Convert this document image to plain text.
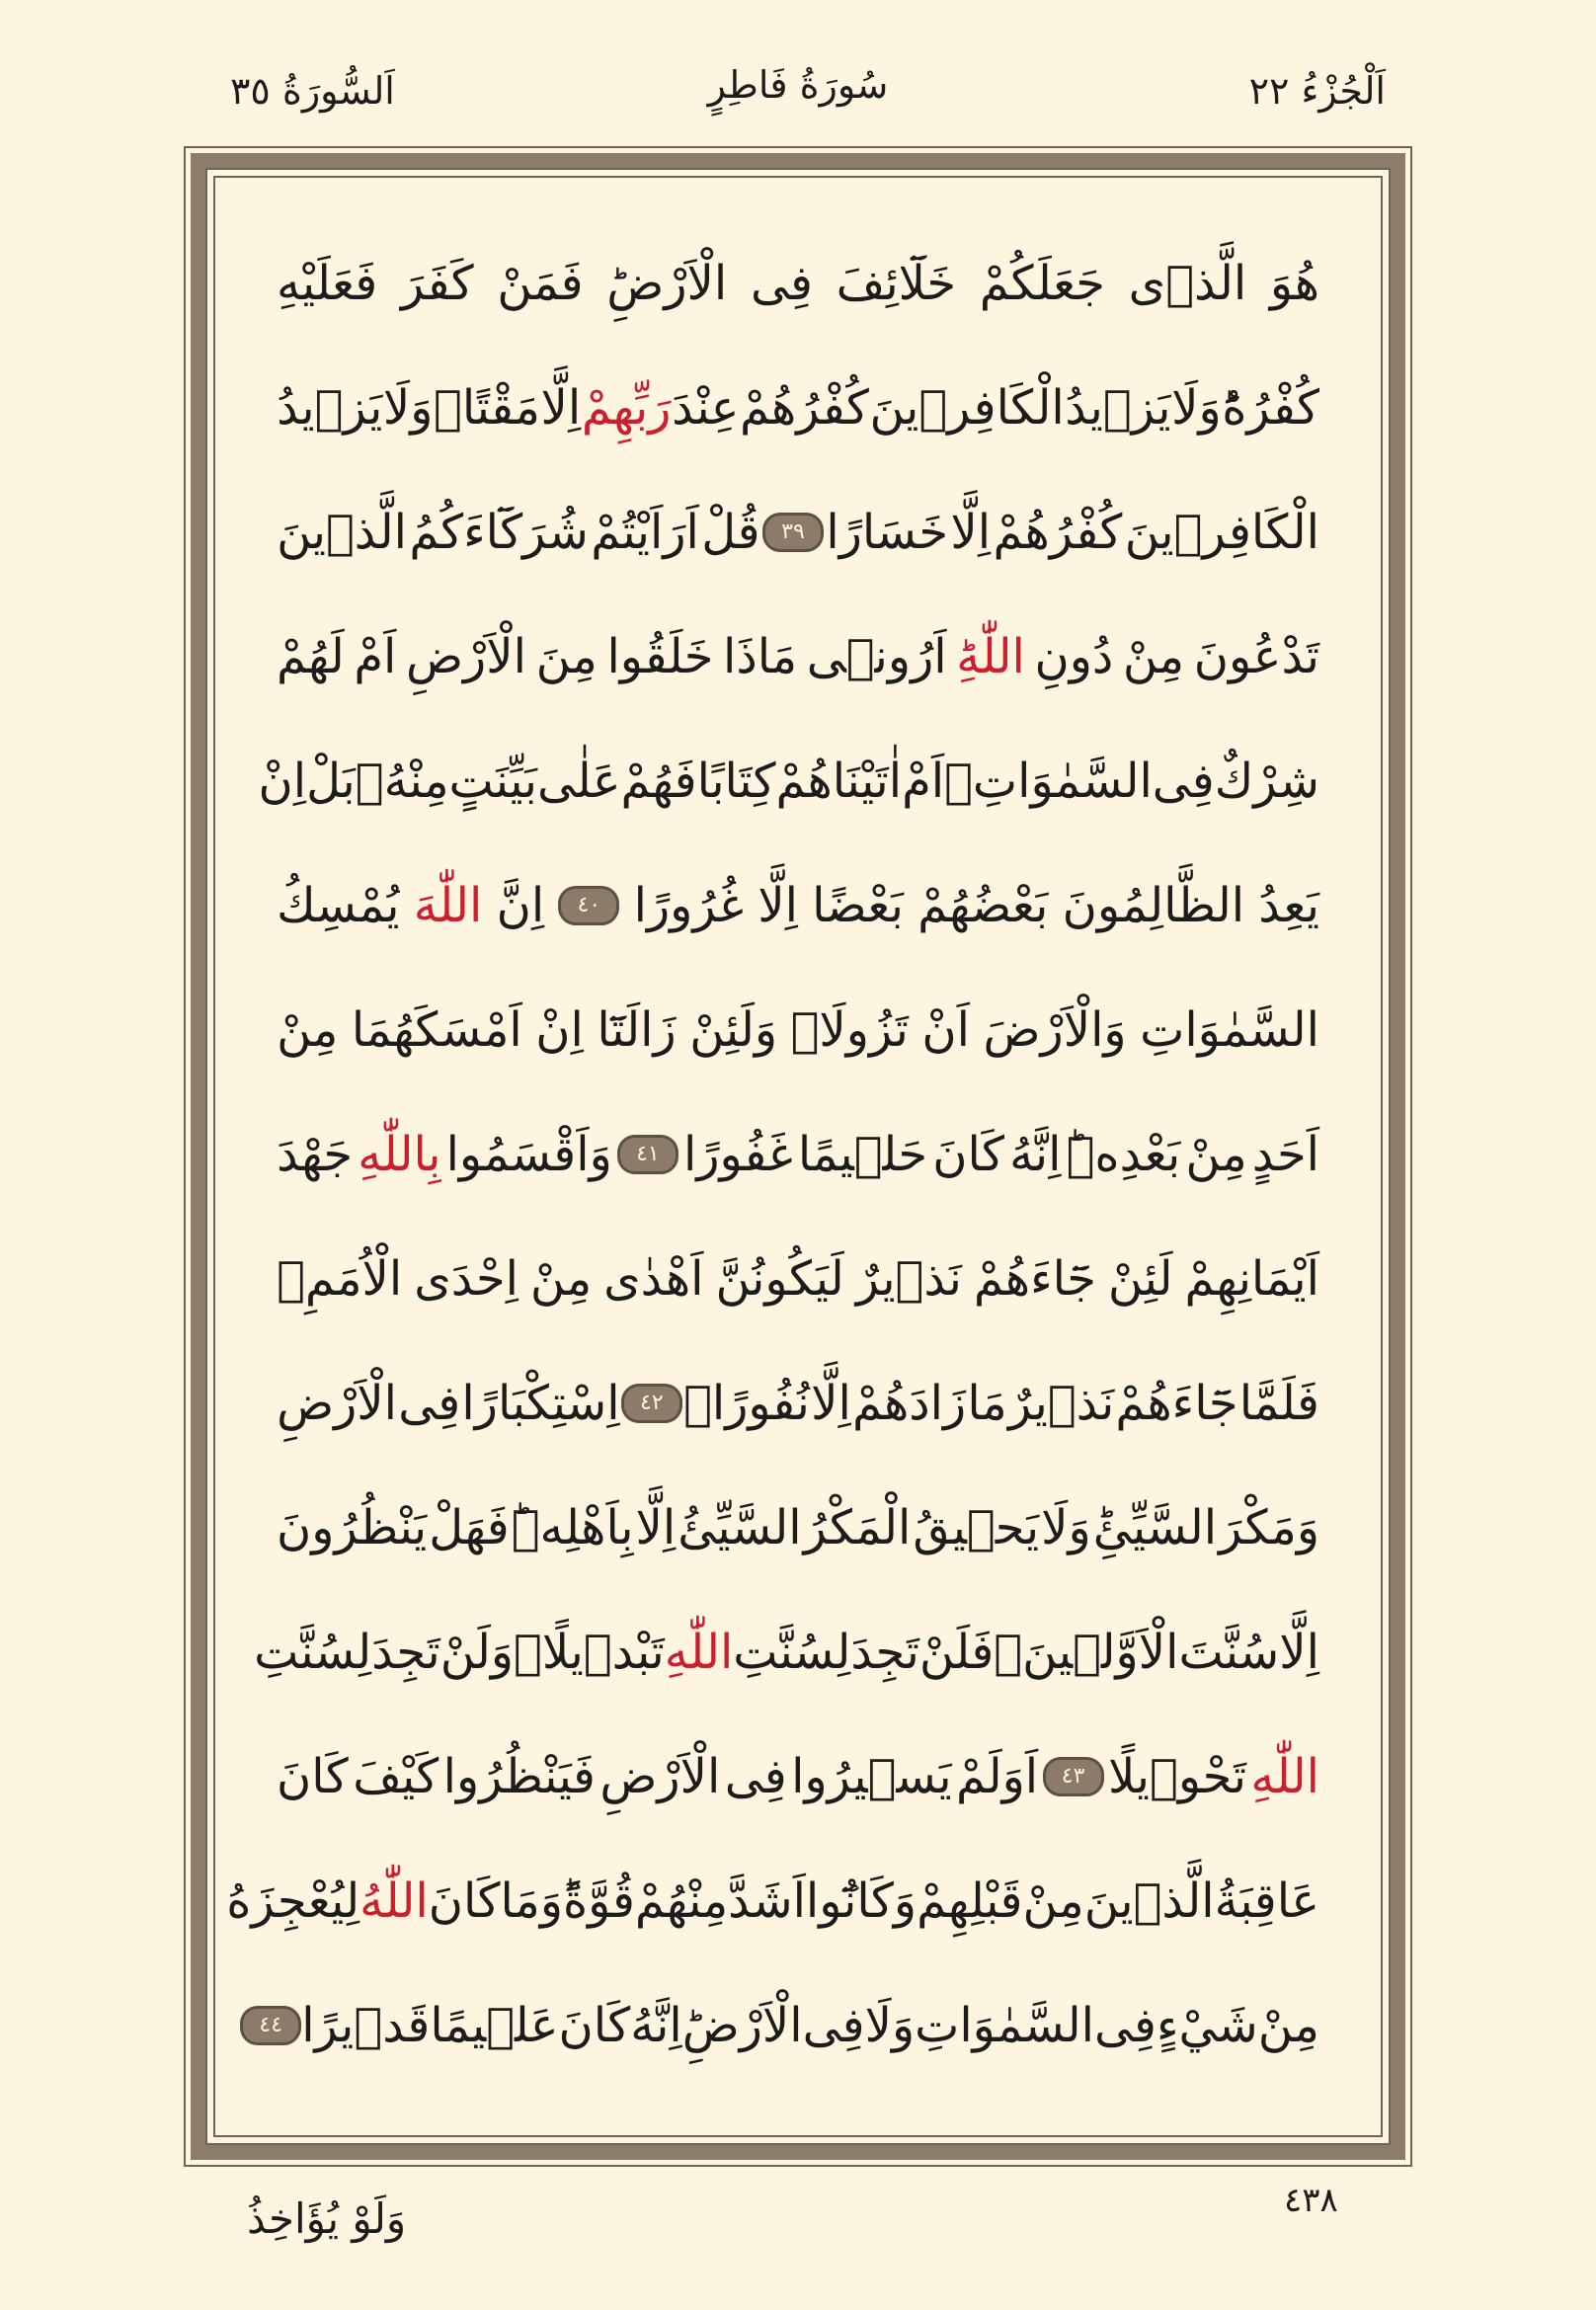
اَلْجُزْءُ ٢٢
سُورَةُ فَاطِرٍ
اَلسُّورَةُ ٣٥
هُوَ
الَّذٖى
جَعَلَكُمْ
خَلَٓائِفَ
فِى
الْاَرْضِؕ
فَمَنْ
كَفَرَ
فَعَلَيْهِ
كُفْرُهُؕ
وَلَا
يَزٖيدُ
الْكَافِرٖينَ
كُفْرُهُمْ
عِنْدَ
رَبِّهِمْ
اِلَّا
مَقْتًاۚ
وَلَا
يَزٖيدُ
الْكَافِرٖينَ
كُفْرُهُمْ
اِلَّا
خَسَارًا
٣٩
قُلْ
اَرَاَيْتُمْ
شُرَكَٓاءَكُمُ
الَّذٖينَ
تَدْعُونَ
مِنْ
دُونِ
اللّٰهِؕ
اَرُونٖى
مَاذَا
خَلَقُوا
مِنَ
الْاَرْضِ
اَمْ
لَهُمْ
شِرْكٌ
فِى
السَّمٰوَاتِۚ
اَمْ
اٰتَيْنَاهُمْ
كِتَابًا
فَهُمْ
عَلٰى
بَيِّنَتٍ
مِنْهُۚ
بَلْ
اِنْ
يَعِدُ
الظَّالِمُونَ
بَعْضُهُمْ
بَعْضًا
اِلَّا
غُرُورًا
٤٠
اِنَّ
اللّٰهَ
يُمْسِكُ
السَّمٰوَاتِ
وَالْاَرْضَ
اَنْ
تَزُولَاۚ
وَلَئِنْ
زَالَتَٓا
اِنْ
اَمْسَكَهُمَا
مِنْ
اَحَدٍ
مِنْ
بَعْدِهٖؕ
اِنَّهُ
كَانَ
حَلٖيمًا
غَفُورًا
٤١
وَاَقْسَمُوا
بِاللّٰهِ
جَهْدَ
اَيْمَانِهِمْ
لَئِنْ
جَٓاءَهُمْ
نَذٖيرٌ
لَيَكُونُنَّ
اَهْدٰى
مِنْ
اِحْدَى
الْاُمَمِۚ
فَلَمَّا
جَٓاءَهُمْ
نَذٖيرٌ
مَا
زَادَهُمْ
اِلَّا
نُفُورًاۙ
٤٢
اِسْتِكْبَارًا
فِى
الْاَرْضِ
وَمَكْرَ
السَّيِّئِؕ
وَلَا
يَحٖيقُ
الْمَكْرُ
السَّيِّئُ
اِلَّا
بِاَهْلِهٖؕ
فَهَلْ
يَنْظُرُونَ
اِلَّا
سُنَّتَ
الْاَوَّلٖينَۚ
فَلَنْ
تَجِدَ
لِسُنَّتِ
اللّٰهِ
تَبْدٖيلًاۚ
وَلَنْ
تَجِدَ
لِسُنَّتِ
اللّٰهِ
تَحْوٖيلًا
٤٣
اَوَلَمْ
يَسٖيرُوا
فِى
الْاَرْضِ
فَيَنْظُرُوا
كَيْفَ
كَانَ
عَاقِبَةُ
الَّذٖينَ
مِنْ
قَبْلِهِمْ
وَكَانُٓوا
اَشَدَّ
مِنْهُمْ
قُوَّةًؕ
وَمَا
كَانَ
اللّٰهُ
لِيُعْجِزَهُ
مِنْ
شَيْءٍ
فِى
السَّمٰوَاتِ
وَلَا
فِى
الْاَرْضِؕ
اِنَّهُ
كَانَ
عَلٖيمًا
قَدٖيرًا
٤٤
٤٣٨
وَلَوْ يُؤَاخِذُ
